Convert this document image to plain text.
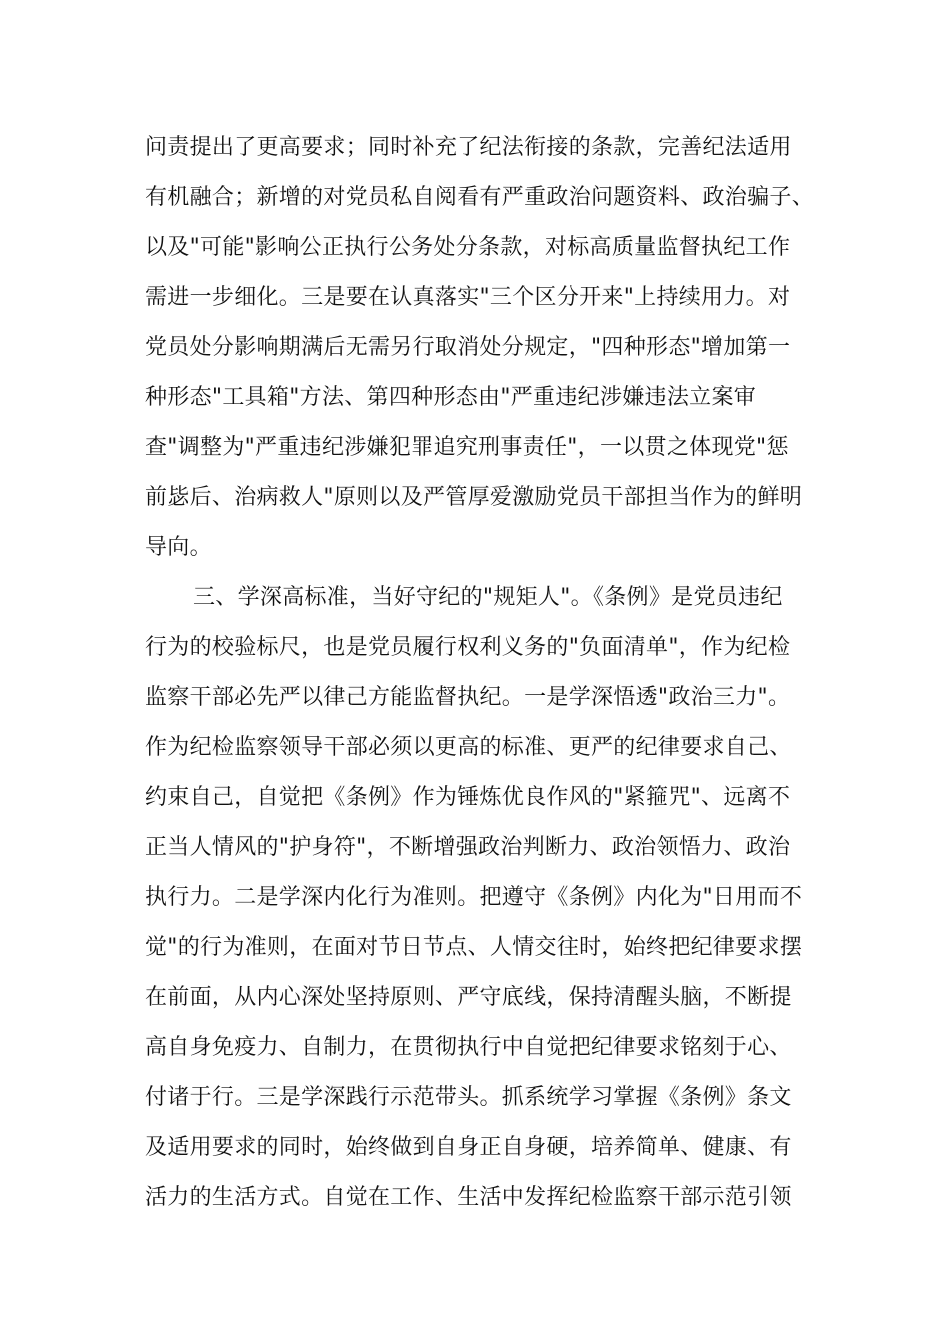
问责提出了更高要求；同时补充了纪法衔接的条款，完善纪法适用
有机融合；新增的对党员私自阅看有严重政治问题资料、政治骗子、
以及"可能"影响公正执行公务处分条款，对标高质量监督执纪工作
需进一步细化。三是要在认真落实"三个区分开来"上持续用力。对
党员处分影响期满后无需另行取消处分规定，"四种形态"增加第一
种形态"工具箱"方法、第四种形态由"严重违纪涉嫌违法立案审
查"调整为"严重违纪涉嫌犯罪追究刑事责任"，一以贯之体现党"惩
前毖后、治病救人"原则以及严管厚爱激励党员干部担当作为的鲜明
导向。
三、学深高标准，当好守纪的"规矩人"。《条例》是党员违纪
行为的校验标尺，也是党员履行权利义务的"负面清单"，作为纪检
监察干部必先严以律己方能监督执纪。一是学深悟透"政治三力"。
作为纪检监察领导干部必须以更高的标准、更严的纪律要求自己、
约束自己，自觉把《条例》作为锤炼优良作风的"紧箍咒"、远离不
正当人情风的"护身符"，不断增强政治判断力、政治领悟力、政治
执行力。二是学深内化行为准则。把遵守《条例》内化为"日用而不
觉"的行为准则，在面对节日节点、人情交往时，始终把纪律要求摆
在前面，从内心深处坚持原则、严守底线，保持清醒头脑，不断提
高自身免疫力、自制力，在贯彻执行中自觉把纪律要求铭刻于心、
付诸于行。三是学深践行示范带头。抓系统学习掌握《条例》条文
及适用要求的同时，始终做到自身正自身硬，培养简单、健康、有
活力的生活方式。自觉在工作、生活中发挥纪检监察干部示范引领
